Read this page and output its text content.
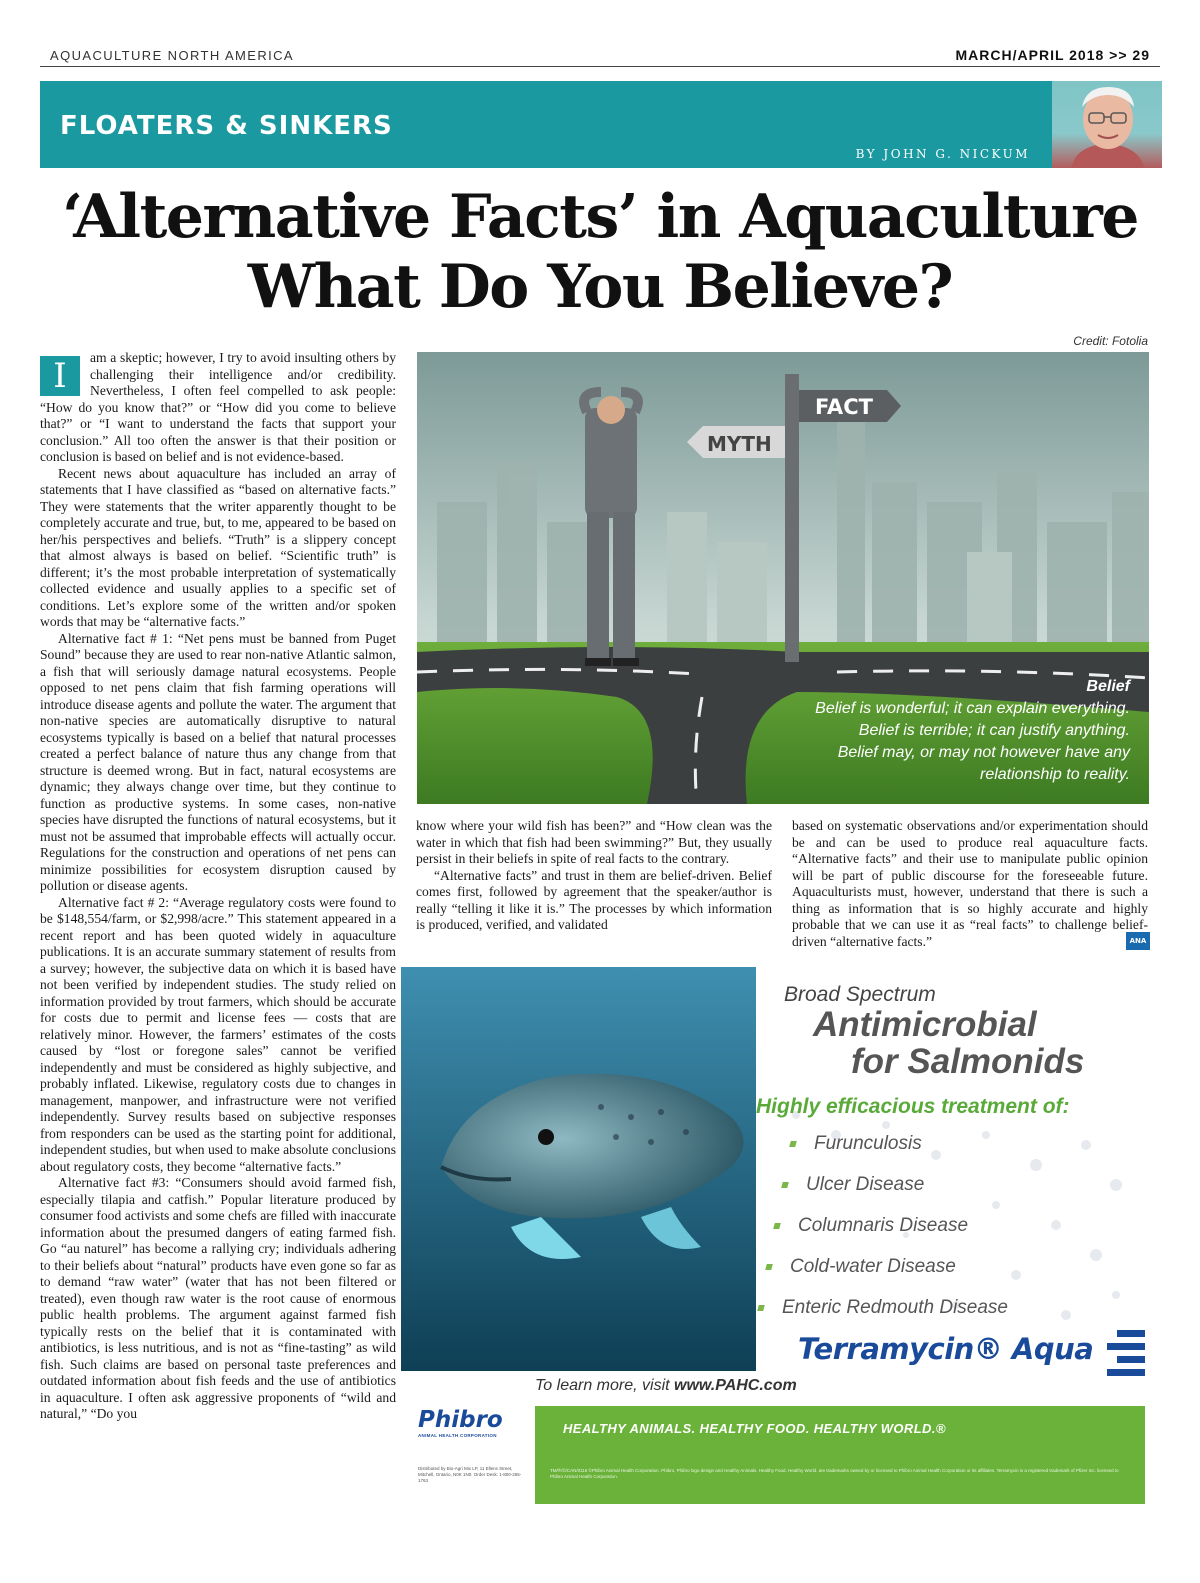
AQUACULTURE NORTH AMERICA	MARCH/APRIL 2018 >> 29
FLOATERS & SINKERS
BY JOHN G. NICKUM
‘Alternative Facts’ in Aquaculture
What Do You Believe?
Credit: Fotolia
FACT
MYTH
Belief
Belief is wonderful; it can explain everything.
Belief is terrible; it can justify anything.
Belief may, or may not however have any
relationship to reality.

I	am a skeptic; however, I try to avoid insulting others by challenging their intelligence and/or credibility. Nevertheless, I often feel compelled to ask people: “How do you know that?” or “How did you come to believe that?” or “I want to understand the facts that support your conclusion.” All too often the answer is that their position or conclusion is based on belief and is not evidence-based.

Recent news about aquaculture has included an array of statements that I have classified as “based on alternative facts.” They were statements that the writer apparently thought to be completely accurate and true, but, to me, appeared to be based on her/his perspectives and beliefs. “Truth” is a slippery concept that almost always is based on belief. “Scientific truth” is different; it’s the most probable interpretation of systematically collected evidence and usually applies to a specific set of conditions. Let’s explore some of the written and/or spoken words that may be “alternative facts.”

Alternative fact # 1: “Net pens must be banned from Puget Sound” because they are used to rear non-native Atlantic salmon, a fish that will seriously damage natural ecosystems. People opposed to net pens claim that fish farming operations will introduce disease agents and pollute the water. The argument that non-native species are automatically disruptive to natural ecosystems typically is based on a belief that natural processes created a perfect balance of nature thus any change from that structure is deemed wrong. But in fact, natural ecosystems are dynamic; they always change over time, but they continue to function as productive systems. In some cases, non-native species have disrupted the functions of natural ecosystems, but it must not be assumed that improbable effects will actually occur. Regulations for the construction and operations of net pens can minimize possibilities for ecosystem disruption caused by pollution or disease agents.

Alternative fact # 2: “Average regulatory costs were found to be $148,554/farm, or $2,998/acre.” This statement appeared in a recent report and has been quoted widely in aquaculture publications. It is an accurate summary statement of results from a survey; however, the subjective data on which it is based have not been verified by independent studies. The study relied on information provided by trout farmers, which should be accurate for costs due to permit and license fees — costs that are relatively minor. However, the farmers’ estimates of the costs caused by “lost or foregone sales” cannot be verified independently and must be considered as highly subjective, and probably inflated. Likewise, regulatory costs due to changes in management, manpower, and infrastructure were not verified independently. Survey results based on subjective responses from responders can be used as the starting point for additional, independent studies, but when used to make absolute conclusions about regulatory costs, they become “alternative facts.”

Alternative fact #3: “Consumers should avoid farmed fish, especially tilapia and catfish.” Popular literature produced by consumer food activists and some chefs are filled with inaccurate information about the presumed dangers of eating farmed fish. Go “au naturel” has become a rallying cry; individuals adhering to their beliefs about “natural” products have even gone so far as to demand “raw water” (water that has not been filtered or treated), even though raw water is the root cause of enormous public health problems. The argument against farmed fish typically rests on the belief that it is contaminated with antibiotics, is less nutritious, and is not as “fine-tasting” as wild fish. Such claims are based on personal taste preferences and outdated information about fish feeds and the use of antibiotics in aquaculture. I often ask aggressive proponents of “wild and natural,” “Do you

know where your wild fish has been?” and “How clean was the water in which that fish had been swimming?” But, they usually persist in their beliefs in spite of real facts to the contrary.

“Alternative facts” and trust in them are belief-driven. Belief comes first, followed by agreement that the speaker/author is really “telling it like it is.” The processes by which information is produced, verified, and validated

based on systematic observations and/or experimentation should be and can be used to produce real aquaculture facts. “Alternative facts” and their use to manipulate public opinion will be part of public discourse for the foreseeable future. Aquaculturists must, however, understand that there is such a thing as information that is so highly accurate and highly probable that we can use it as “real facts” to challenge belief-driven “alternative facts.”	ANA
Broad Spectrum
Antimicrobial
for Salmonids
Highly efficacious treatment of:
Furunculosis
Ulcer Disease
Columnaris Disease
Cold-water Disease
Enteric Redmouth Disease
Terramycin® Aqua
To learn more, visit www.PAHC.com
HEALTHY ANIMALS. HEALTHY FOOD. HEALTHY WORLD.®
TM/®/©/CAN/0118 ©Phibro Animal Health Corporation. Phibro, Phibro logo design and Healthy Animals. Healthy Food. Healthy World. are trademarks owned by or licensed to Phibro Animal Health Corporation or its affiliates. Terramycin is a registered trademark of Pfizer Inc. licensed to Phibro Animal Health Corporation.
Phibro
ANIMAL HEALTH CORPORATION
Distributed by Bio-Agri Mix LP, 11 Ellens Street, Mitchell, Ontario, N0K 1N0. Order Desk: 1-800-265-1763
